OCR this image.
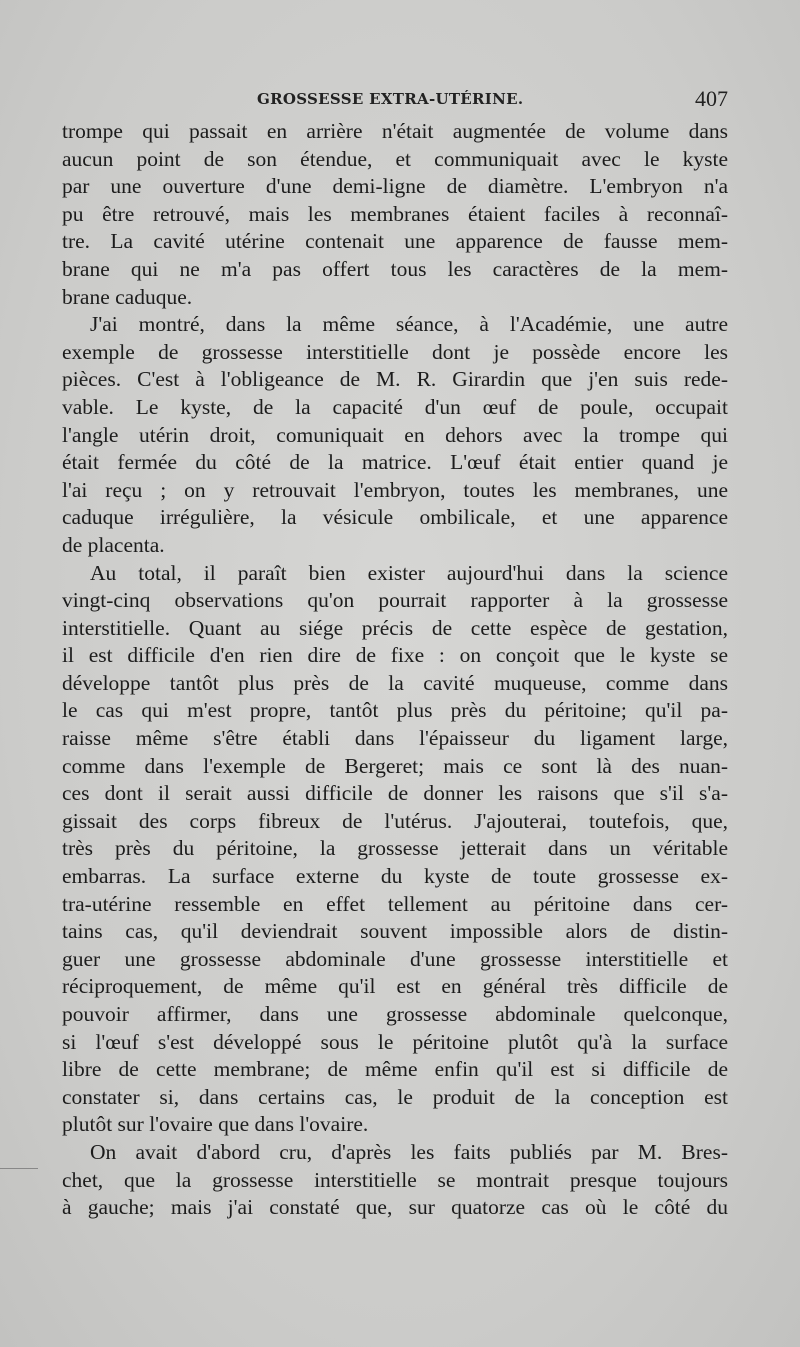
GROSSESSE EXTRA-UTÉRINE.	407
trompe qui passait en arrière n'était augmentée de volume dans
aucun point de son étendue, et communiquait avec le kyste
par une ouverture d'une demi-ligne de diamètre. L'embryon n'a
pu être retrouvé, mais les membranes étaient faciles à reconnaî-
tre. La cavité utérine contenait une apparence de fausse mem-
brane qui ne m'a pas offert tous les caractères de la mem-
brane caduque.
J'ai montré, dans la même séance, à l'Académie, une autre
exemple de grossesse interstitielle dont je possède encore les
pièces. C'est à l'obligeance de M. R. Girardin que j'en suis rede-
vable. Le kyste, de la capacité d'un œuf de poule, occupait
l'angle utérin droit, comuniquait en dehors avec la trompe qui
était fermée du côté de la matrice. L'œuf était entier quand je
l'ai reçu ; on y retrouvait l'embryon, toutes les membranes, une
caduque irrégulière, la vésicule ombilicale, et une apparence
de placenta.
Au total, il paraît bien exister aujourd'hui dans la science
vingt-cinq observations qu'on pourrait rapporter à la grossesse
interstitielle. Quant au siége précis de cette espèce de gestation,
il est difficile d'en rien dire de fixe : on conçoit que le kyste se
développe tantôt plus près de la cavité muqueuse, comme dans
le cas qui m'est propre, tantôt plus près du péritoine; qu'il pa-
raisse même s'être établi dans l'épaisseur du ligament large,
comme dans l'exemple de Bergeret; mais ce sont là des nuan-
ces dont il serait aussi difficile de donner les raisons que s'il s'a-
gissait des corps fibreux de l'utérus. J'ajouterai, toutefois, que,
très près du péritoine, la grossesse jetterait dans un véritable
embarras. La surface externe du kyste de toute grossesse ex-
tra-utérine ressemble en effet tellement au péritoine dans cer-
tains cas, qu'il deviendrait souvent impossible alors de distin-
guer une grossesse abdominale d'une grossesse interstitielle et
réciproquement, de même qu'il est en général très difficile de
pouvoir affirmer, dans une grossesse abdominale quelconque,
si l'œuf s'est développé sous le péritoine plutôt qu'à la surface
libre de cette membrane; de même enfin qu'il est si difficile de
constater si, dans certains cas, le produit de la conception est
plutôt sur l'ovaire que dans l'ovaire.
On avait d'abord cru, d'après les faits publiés par M. Bres-
chet, que la grossesse interstitielle se montrait presque toujours
à gauche; mais j'ai constaté que, sur quatorze cas où le côté du
